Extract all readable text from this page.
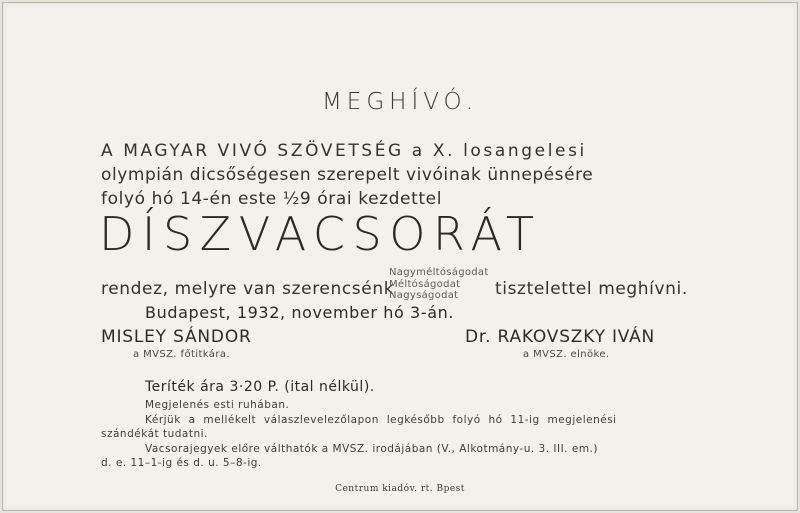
MEGHÍVÓ.
A MAGYAR VIVÓ SZÖVETSÉG a X. losangelesi
olympián dicsőségesen szerepelt vivóinak ünnepésére
folyó hó 14-én este ½9 órai kezdettel
DÍSZVACSORÁT
rendez, melyre van szerencsénk
Nagyméltóságodat
Méltóságodat
Nagyságodat	tisztelettel meghívni.
Budapest, 1932, november hó 3-án.
MISLEY SÁNDOR
a MVSZ. főtitkára.
Dr. RAKOVSZKY IVÁN
a MVSZ. elnöke.
Teríték ára 3·20 P. (ital nélkül).
Megjelenés esti ruhában.
Kérjük a mellékelt válaszlevelezőlapon legkésőbb folyó hó 11-ig megjelenési
szándékát tudatni.
Vacsorajegyek előre válthatók a MVSZ. irodájában (V., Alkotmány-u. 3. III. em.)
d. e. 11–1-ig és d. u. 5–8-ig.
Centrum kiadóv. rt. Bpest
